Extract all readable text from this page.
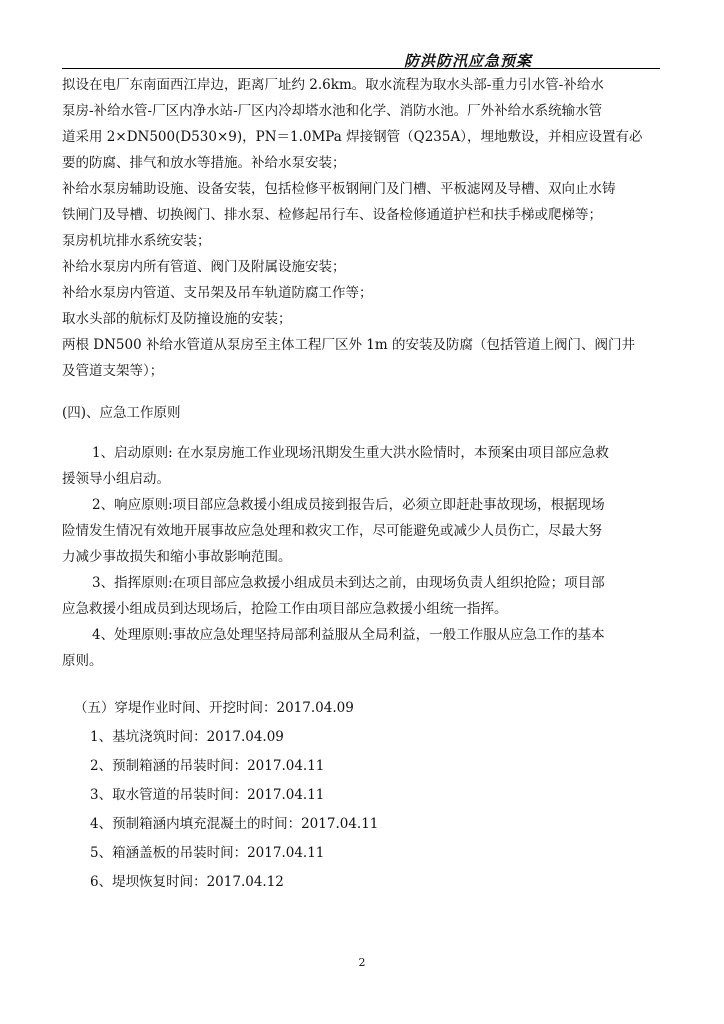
防洪防汛应急预案
拟设在电厂东南面西江岸边，距离厂址约 2.6km。取水流程为取水头部-重力引水管-补给水
泵房-补给水管-厂区内净水站-厂区内冷却塔水池和化学、消防水池。厂外补给水系统输水管
道采用 2×DN500(D530×9)，PN＝1.0MPa 焊接钢管（Q235A），埋地敷设，并相应设置有必
要的防腐、排气和放水等措施。补给水泵安装；
补给水泵房辅助设施、设备安装，包括检修平板钢闸门及门槽、平板滤网及导槽、双向止水铸
铁闸门及导槽、切换阀门、排水泵、检修起吊行车、设备检修通道护栏和扶手梯或爬梯等；
泵房机坑排水系统安装；
补给水泵房内所有管道、阀门及附属设施安装；
补给水泵房内管道、支吊架及吊车轨道防腐工作等；
取水头部的航标灯及防撞设施的安装；
两根 DN500 补给水管道从泵房至主体工程厂区外 1m 的安装及防腐（包括管道上阀门、阀门井
及管道支架等）；
(四)、应急工作原则
1、启动原则: 在水泵房施工作业现场汛期发生重大洪水险情时，本预案由项目部应急救
援领导小组启动。
2、响应原则:项目部应急救援小组成员接到报告后，必须立即赶赴事故现场，根据现场
险情发生情况有效地开展事故应急处理和救灾工作，尽可能避免或减少人员伤亡，尽最大努
力减少事故损失和缩小事故影响范围。
3、指挥原则:在项目部应急救援小组成员未到达之前，由现场负责人组织抢险；项目部
应急救援小组成员到达现场后，抢险工作由项目部应急救援小组统一指挥。
4、处理原则:事故应急处理坚持局部利益服从全局利益，一般工作服从应急工作的基本
原则。
（五）穿堤作业时间、开挖时间：2017.04.09
1、基坑浇筑时间：2017.04.09
2、预制箱涵的吊装时间：2017.04.11
3、取水管道的吊装时间：2017.04.11
4、预制箱涵内填充混凝土的时间：2017.04.11
5、箱涵盖板的吊装时间：2017.04.11
6、堤坝恢复时间：2017.04.12
2
